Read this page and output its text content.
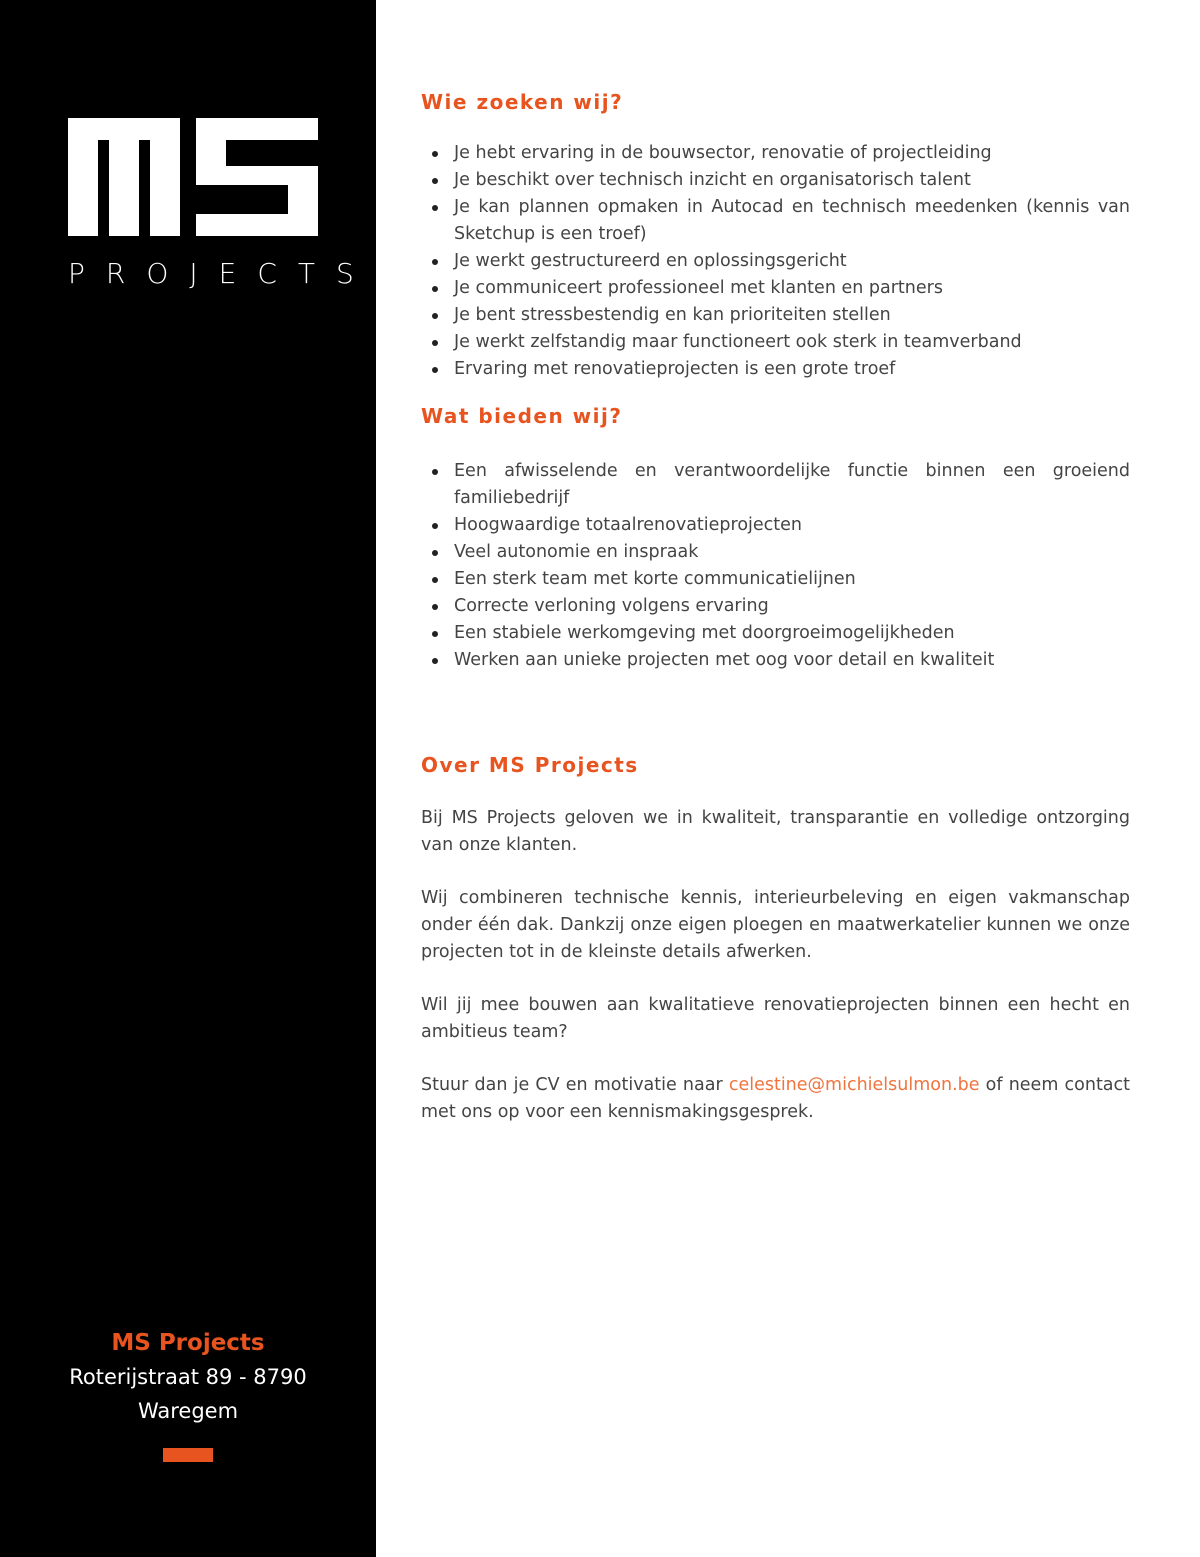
PROJECTS
MS Projects
Roterijstraat 89 - 8790
Waregem
Wie zoeken wij?
Je hebt ervaring in de bouwsector, renovatie of projectleiding
Je beschikt over technisch inzicht en organisatorisch talent
Je kan plannen opmaken in Autocad en technisch meedenken (kennis van Sketchup is een troef)
Je werkt gestructureerd en oplossingsgericht
Je communiceert professioneel met klanten en partners
Je bent stressbestendig en kan prioriteiten stellen
Je werkt zelfstandig maar functioneert ook sterk in teamverband
Ervaring met renovatieprojecten is een grote troef
Wat bieden wij?
Een afwisselende en verantwoordelijke functie binnen een groeiend familiebedrijf
Hoogwaardige totaalrenovatieprojecten
Veel autonomie en inspraak
Een sterk team met korte communicatielijnen
Correcte verloning volgens ervaring
Een stabiele werkomgeving met doorgroeimogelijkheden
Werken aan unieke projecten met oog voor detail en kwaliteit
Over MS Projects

Bij MS Projects geloven we in kwaliteit, transparantie en volledige ontzorging van onze klanten.

Wij combineren technische kennis, interieurbeleving en eigen vakmanschap onder één dak. Dankzij onze eigen ploegen en maatwerkatelier kunnen we onze projecten tot in de kleinste details afwerken.

Wil jij mee bouwen aan kwalitatieve renovatieprojecten binnen een hecht en ambitieus team?

Stuur dan je CV en motivatie naar celestine@michielsulmon.be of neem contact met ons op voor een kennismakingsgesprek.
